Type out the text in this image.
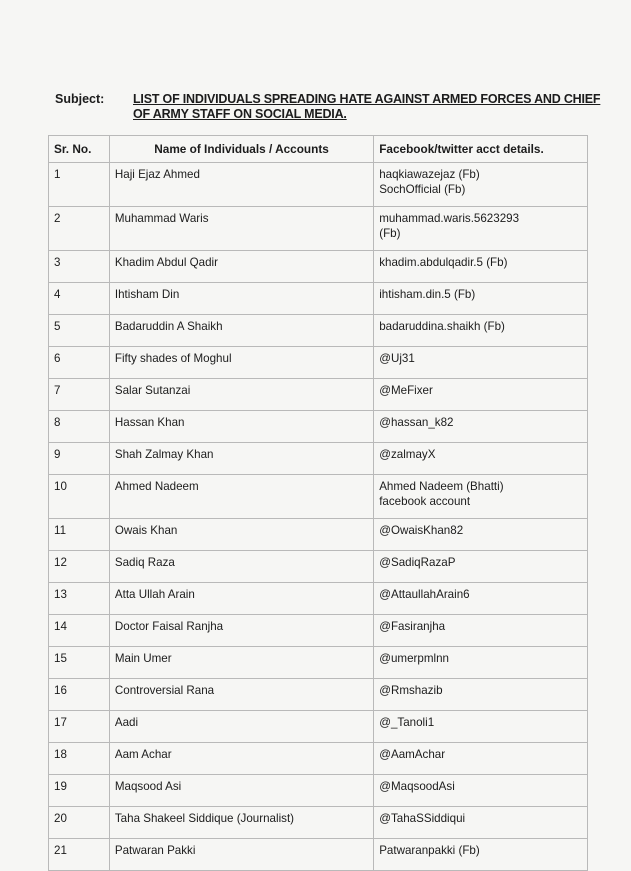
Subject: LIST OF INDIVIDUALS SPREADING HATE AGAINST ARMED FORCES AND CHIEF OF ARMY STAFF ON SOCIAL MEDIA.
Sr. No.	Name of Individuals / Accounts	Facebook/twitter acct details.
1	Haji Ejaz Ahmed	haqkiawazejaz (Fb)
SochOfficial (Fb)

2	Muhammad Waris	muhammad.waris.5623293
(Fb)

3	Khadim Abdul Qadir	khadim.abdulqadir.5 (Fb)

4	Ihtisham Din	ihtisham.din.5 (Fb)

5	Badaruddin A Shaikh	badaruddina.shaikh (Fb)

6	Fifty shades of Moghul	@Uj31

7	Salar Sutanzai	@MeFixer

8	Hassan Khan	@hassan_k82

9	Shah Zalmay Khan	@zalmayX

10	Ahmed Nadeem	Ahmed Nadeem (Bhatti)
facebook account

11	Owais Khan	@OwaisKhan82

12	Sadiq Raza	@SadiqRazaP

13	Atta Ullah Arain	@AttaullahArain6

14	Doctor Faisal Ranjha	@Fasiranjha

15	Main Umer	@umerpmlnn

16	Controversial Rana	@Rmshazib

17	Aadi	@_Tanoli1

18	Aam Achar	@AamAchar

19	Maqsood Asi	@MaqsoodAsi

20	Taha Shakeel Siddique (Journalist)	@TahaSSiddiqui

21	Patwaran Pakki	Patwaranpakki (Fb)
